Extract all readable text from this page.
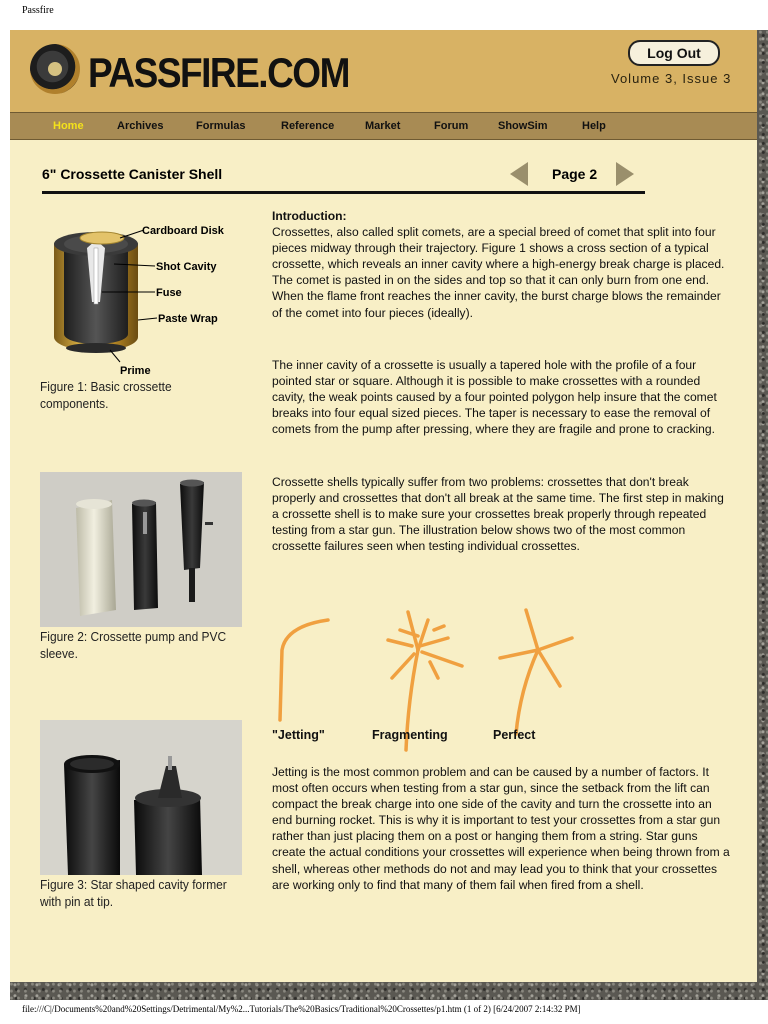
Passfire
PASSFIRE.COM	Log Out
Volume 3, Issue 3
Home	Archives	Formulas	Reference	Market	Forum	ShowSim	Help
6" Crossette Canister Shell	Page 2
Cardboard Disk
Shot Cavity
Fuse
Paste Wrap
Prime
Figure 1: Basic crossette components.
Figure 2: Crossette pump and PVC sleeve.
Figure 3: Star shaped cavity former with pin at tip.
Introduction:
Crossettes, also called split comets, are a special breed of comet that split into four pieces midway through their trajectory. Figure 1 shows a cross section of a typical crossette, which reveals an inner cavity where a high-energy break charge is placed. The comet is pasted in on the sides and top so that it can only burn from one end. When the flame front reaches the inner cavity, the burst charge blows the remainder of the comet into four pieces (ideally).
The inner cavity of a crossette is usually a tapered hole with the profile of a four pointed star or square. Although it is possible to make crossettes with a rounded cavity, the weak points caused by a four pointed polygon help insure that the comet breaks into four equal sized pieces. The taper is necessary to ease the removal of comets from the pump after pressing, where they are fragile and prone to cracking.
Crossette shells typically suffer from two problems: crossettes that don't break properly and crossettes that don't all break at the same time. The first step in making a crossette shell is to make sure your crossettes break properly through repeated testing from a star gun. The illustration below shows two of the most common crossette failures seen when testing individual crossettes.
"Jetting"	Fragmenting	Perfect
Jetting is the most common problem and can be caused by a number of factors. It most often occurs when testing from a star gun, since the setback from the lift can compact the break charge into one side of the cavity and turn the crossette into an end burning rocket. This is why it is important to test your crossettes from a star gun rather than just placing them on a post or hanging them from a string. Star guns create the actual conditions your crossettes will experience when being thrown from a shell, whereas other methods do not and may lead you to think that your crossettes are working only to find that many of them fail when fired from a shell.
file:///C|/Documents%20and%20Settings/Detrimental/My%2...Tutorials/The%20Basics/Traditional%20Crossettes/p1.htm (1 of 2) [6/24/2007 2:14:32 PM]
